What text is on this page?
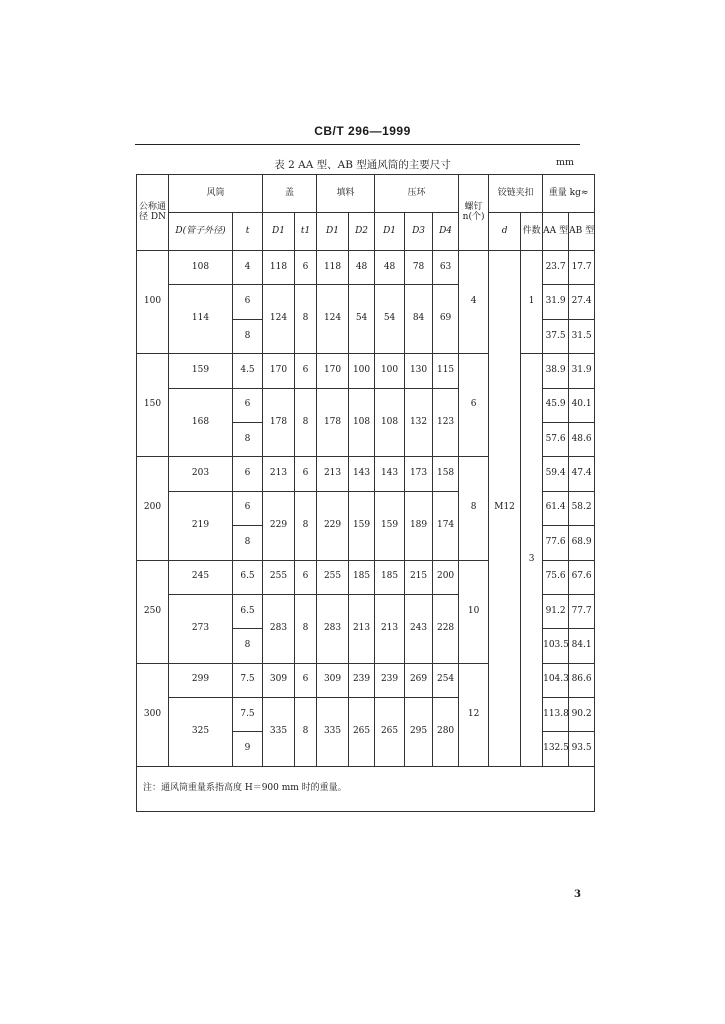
CB/T 296—1999
表 2 AA 型、AB 型通风筒的主要尺寸	mm
公称通径 DN	风筒		盖		填料		压环			螺钉 n(个)	铰链夹扣		重量 kg≈	
	D(管子外径)	t	D1	t1	D1	D2	D1	D3	D4		d	件数	AA 型	AB 型
100	108	4	118	6	118	48	48	78	63	4	M12	1	23.7	17.7
	114	6	124	8	124	54	54	84	69				31.9	27.4
		8											37.5	31.5
150	159	4.5	170	6	170	100	100	130	115	6		3	38.9	31.9
	168	6	178	8	178	108	108	132	123				45.9	40.1
		8											57.6	48.6
200	203	6	213	6	213	143	143	173	158	8			59.4	47.4
	219	6	229	8	229	159	159	189	174				61.4	58.2
		8											77.6	68.9
250	245	6.5	255	6	255	185	185	215	200	10			75.6	67.6
	273	6.5	283	8	283	213	213	243	228				91.2	77.7
		8											103.5	84.1
300	299	7.5	309	6	309	239	239	269	254	12			104.3	86.6
	325	7.5	335	8	335	265	265	295	280				113.8	90.2
		9											132.5	93.5
注：通风筒重量系指高度 H＝900 mm 时的重量。														
3
